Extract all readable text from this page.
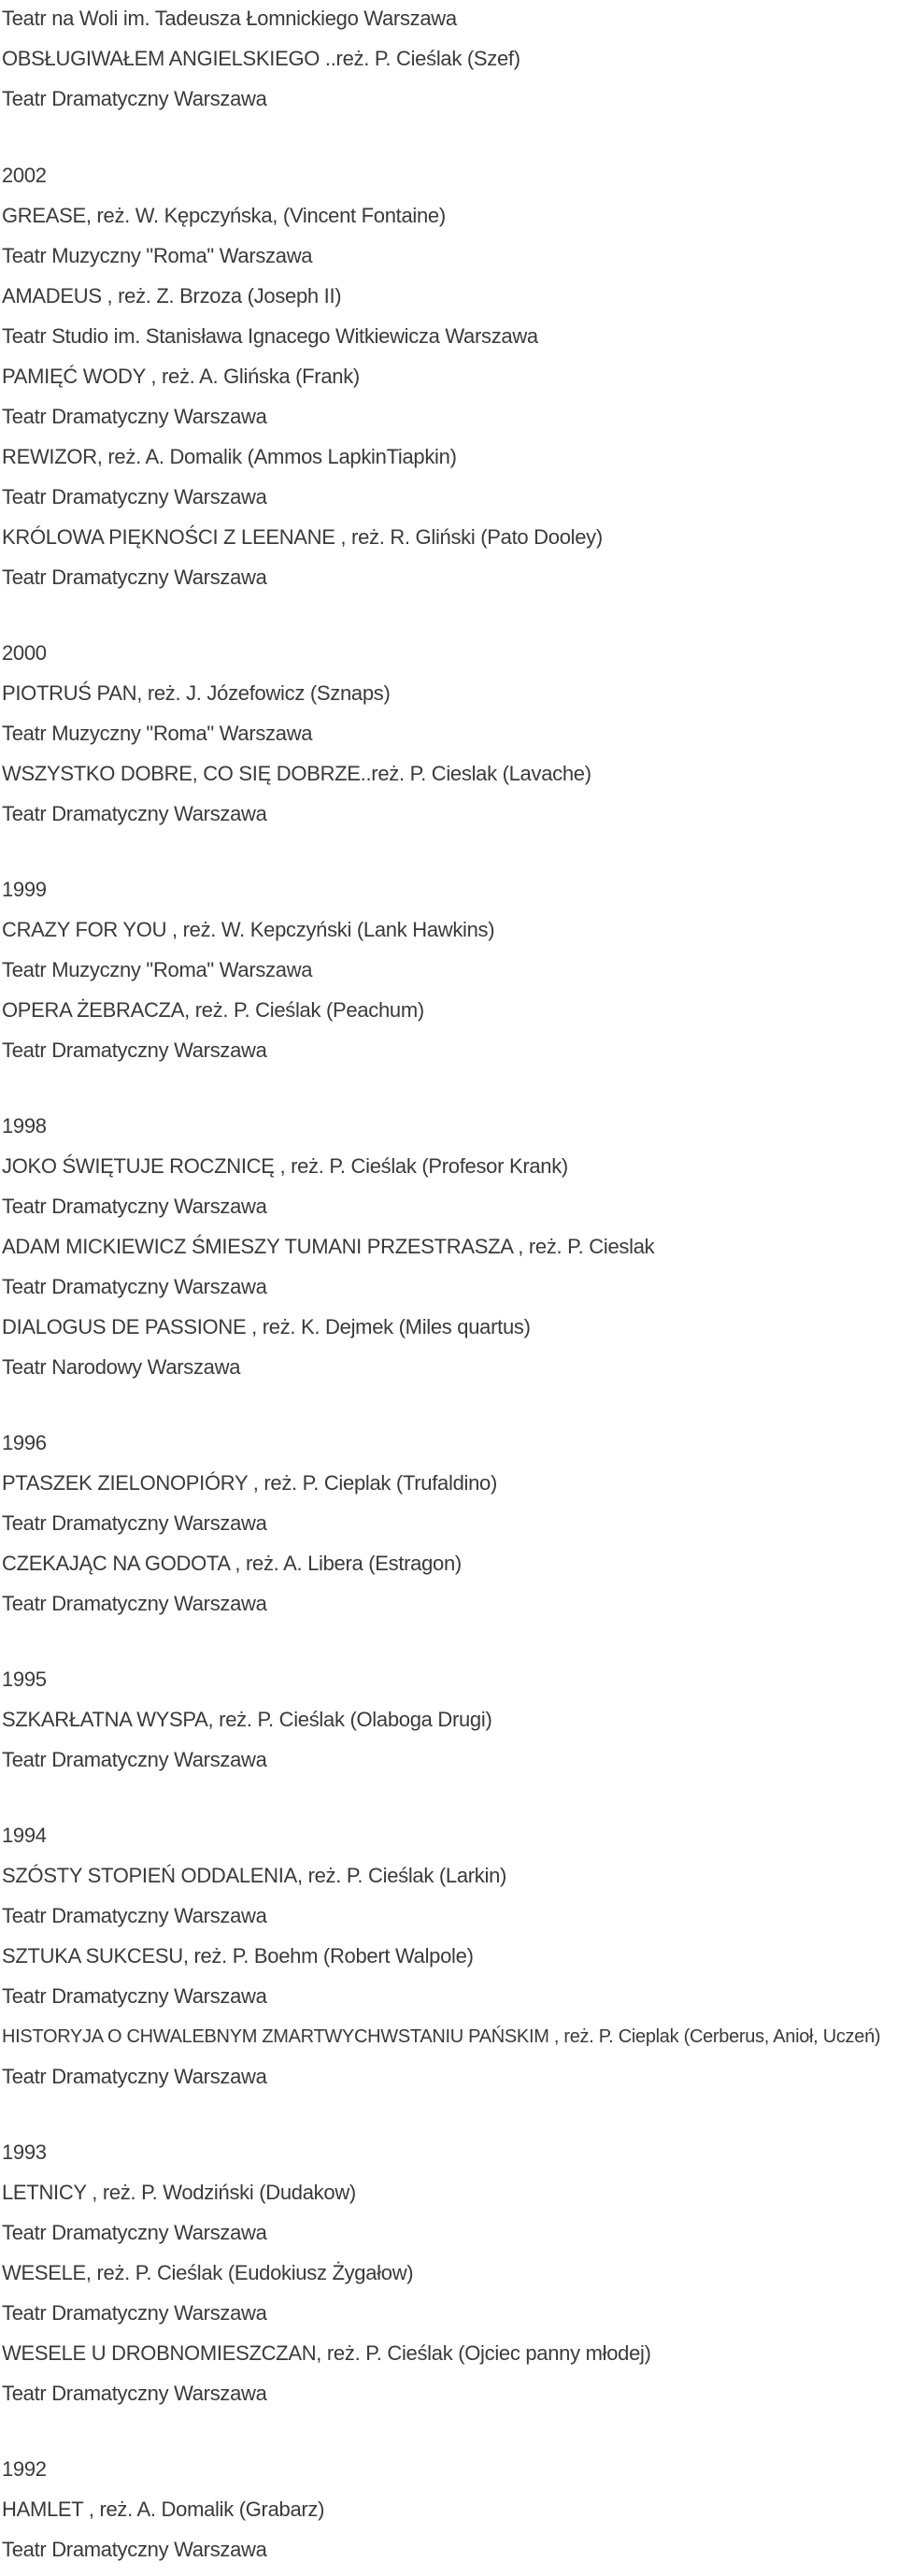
Teatr na Woli im. Tadeusza Łomnickiego Warszawa

OBSŁUGIWAŁEM ANGIELSKIEGO ..reż. P. Cieślak (Szef)

Teatr Dramatyczny Warszawa

2002

GREASE, reż. W. Kępczyńska, (Vincent Fontaine)

Teatr Muzyczny "Roma" Warszawa

AMADEUS , reż. Z. Brzoza (Joseph II)

Teatr Studio im. Stanisława Ignacego Witkiewicza Warszawa

PAMIĘĆ WODY , reż. A. Glińska (Frank)

Teatr Dramatyczny Warszawa

REWIZOR, reż. A. Domalik (Ammos LapkinTiapkin)

Teatr Dramatyczny Warszawa

KRÓLOWA PIĘKNOŚCI Z LEENANE , reż. R. Gliński (Pato Dooley)

Teatr Dramatyczny Warszawa

2000

PIOTRUŚ PAN, reż. J. Józefowicz (Sznaps)

Teatr Muzyczny "Roma" Warszawa

WSZYSTKO DOBRE, CO SIĘ DOBRZE..reż. P. Cieslak (Lavache)

Teatr Dramatyczny Warszawa

1999

CRAZY FOR YOU , reż. W. Kepczyński (Lank Hawkins)

Teatr Muzyczny "Roma" Warszawa

OPERA ŻEBRACZA, reż. P. Cieślak (Peachum)

Teatr Dramatyczny Warszawa

1998

JOKO ŚWIĘTUJE ROCZNICĘ , reż. P. Cieślak (Profesor Krank)

Teatr Dramatyczny Warszawa

ADAM MICKIEWICZ ŚMIESZY TUMANI PRZESTRASZA , reż. P. Cieslak

Teatr Dramatyczny Warszawa

DIALOGUS DE PASSIONE , reż. K. Dejmek (Miles quartus)

Teatr Narodowy Warszawa

1996

PTASZEK ZIELONOPIÓRY , reż. P. Cieplak (Trufaldino)

Teatr Dramatyczny Warszawa

CZEKAJĄC NA GODOTA , reż. A. Libera (Estragon)

Teatr Dramatyczny Warszawa

1995

SZKARŁATNA WYSPA, reż. P. Cieślak (Olaboga Drugi)

Teatr Dramatyczny Warszawa

1994

SZÓSTY STOPIEŃ ODDALENIA, reż. P. Cieślak (Larkin)

Teatr Dramatyczny Warszawa

SZTUKA SUKCESU, reż. P. Boehm (Robert Walpole)

Teatr Dramatyczny Warszawa

HISTORYJA O CHWALEBNYM ZMARTWYCHWSTANIU PAŃSKIM , reż. P. Cieplak (Cerberus, Anioł, Uczeń)

Teatr Dramatyczny Warszawa

1993

LETNICY , reż. P. Wodziński (Dudakow)

Teatr Dramatyczny Warszawa

WESELE, reż. P. Cieślak (Eudokiusz Żygałow)

Teatr Dramatyczny Warszawa

WESELE U DROBNOMIESZCZAN, reż. P. Cieślak (Ojciec panny młodej)

Teatr Dramatyczny Warszawa

1992

HAMLET , reż. A. Domalik (Grabarz)

Teatr Dramatyczny Warszawa
